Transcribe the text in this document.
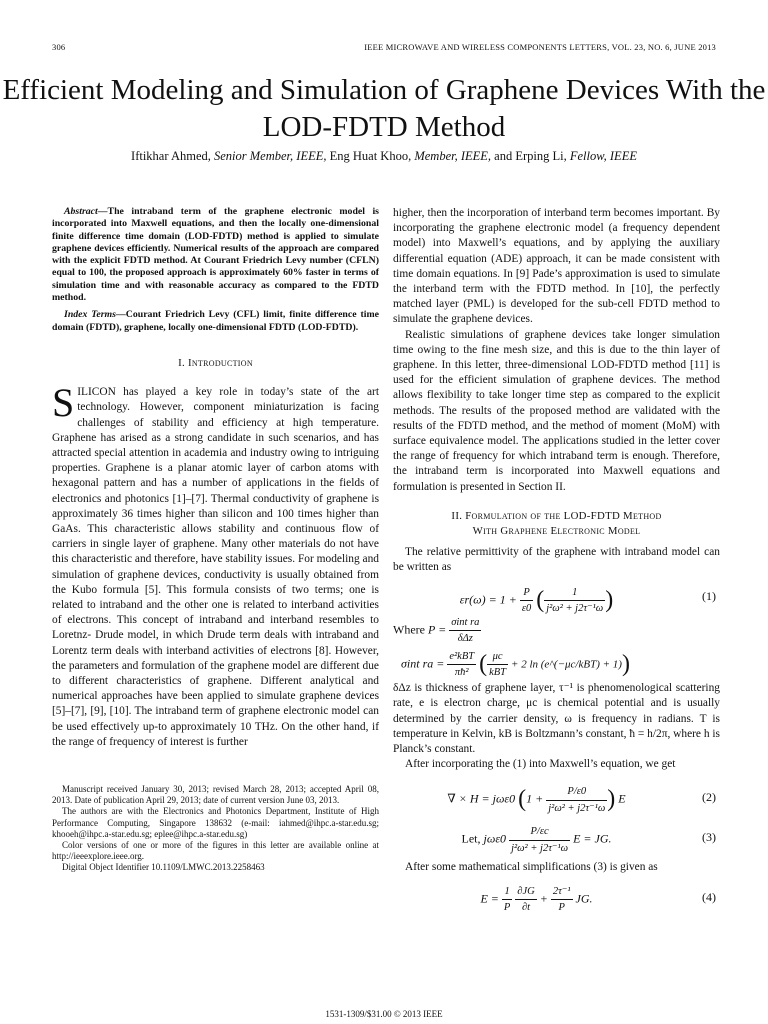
306	IEEE MICROWAVE AND WIRELESS COMPONENTS LETTERS, VOL. 23, NO. 6, JUNE 2013
Efficient Modeling and Simulation of Graphene Devices With the LOD-FDTD Method
Iftikhar Ahmed, Senior Member, IEEE, Eng Huat Khoo, Member, IEEE, and Erping Li, Fellow, IEEE

Abstract—The intraband term of the graphene electronic model is incorporated into Maxwell equations, and then the locally one-dimensional finite difference time domain (LOD-FDTD) method is applied to simulate graphene devices efficiently. Numerical results of the approach are compared with the explicit FDTD method. At Courant Friedrich Levy number (CFLN) equal to 100, the proposed approach is approximately 60% faster in terms of simulation time and with reasonable accuracy as compared to the FDTD method.

Index Terms—Courant Friedrich Levy (CFL) limit, finite difference time domain (FDTD), graphene, locally one-dimensional FDTD (LOD-FDTD).

I. Introduction

SILICON has played a key role in today’s state of the art technology. However, component miniaturization is facing challenges of stability and efficiency at high temperature. Graphene has arised as a strong candidate in such scenarios, and has attracted special attention in academia and industry owing to intriguing properties. Graphene is a planar atomic layer of carbon atoms with hexagonal pattern and has a number of applications in the fields of electronics and photonics [1]–[7]. Thermal conductivity of graphene is approximately 36 times higher than silicon and 100 times higher than GaAs. This characteristic allows stability and continuous flow of carriers in single layer of graphene. Many other materials do not have this characteristic and therefore, have stability issues. For modeling and simulation of graphene devices, conductivity is usually obtained from the Kubo formula [5]. This formula consists of two terms; one is related to intraband and the other one is related to interband activities of electrons. This concept of intraband and interband resembles to Loretnz- Drude model, in which Drude term deals with intraband and Lorentz term deals with interband activities of electrons [8]. However, the parameters and formulation of the graphene model are different due to different characteristics of graphene. Different analytical and numerical approaches have been applied to simulate graphene devices [5]–[7], [9], [10]. The intraband term of graphene electronic model can be used effectively up-to approximately 10 THz. On the other hand, if the range of frequency of interest is further

Manuscript received January 30, 2013; revised March 28, 2013; accepted April 08, 2013. Date of publication April 29, 2013; date of current version June 03, 2013.

The authors are with the Electronics and Photonics Department, Institute of High Performance Computing, Singapore 138632 (e-mail: iahmed@ihpc.a-star.edu.sg; khooeh@ihpc.a-star.edu.sg; eplee@ihpc.a-star.edu.sg)

Color versions of one or more of the figures in this letter are available online at http://ieeexplore.ieee.org.

Digital Object Identifier 10.1109/LMWC.2013.2258463

higher, then the incorporation of interband term becomes important. By incorporating the graphene electronic model (a frequency dependent model) into Maxwell’s equations, and by applying the auxiliary differential equation (ADE) approach, it can be made consistent with time domain equations. In [9] Pade’s approximation is used to simulate the interband term with the FDTD method. In [10], the perfectly matched layer (PML) is developed for the sub-cell FDTD method to simulate the graphene devices.

Realistic simulations of graphene devices take longer simulation time owing to the fine mesh size, and this is due to the thin layer of graphene. In this letter, three-dimensional LOD-FDTD method [11] is used for the efficient simulation of graphene devices. The method allows flexibility to take longer time step as compared to the explicit methods. The results of the proposed method are validated with the results of the FDTD method, and the method of moment (MoM) with surface equivalence model. The applications studied in the letter cover the range of frequency for which intraband term is enough. Therefore, the intraband term is incorporated into Maxwell equations and formulation is presented in Section II.

II. Formulation of the LOD-FDTD Method
With Graphene Electronic Model

The relative permittivity of the graphene with intraband model can be written as

$\varepsilon r(\omega) = 1 + \frac{P}{\varepsilon 0}$ ( $\frac{1}{\text{j²ω² + j2τ⁻¹ω}}$ )	(1)
Where $P = \frac{\text{σint ra}}{\text{δΔz}}$
σint ra = $\frac{\text{e²kBT}}{\text{πħ²}}$ ( $\frac{\mu c}{\text{kBT}} + 2$ ln (e^(−μc/kBT) + 1))

δΔz is thickness of graphene layer, τ⁻¹ is phenomenological scattering rate, e is electron charge, μc is chemical potential and is usually determined by the carrier density, ω is frequency in radians. T is temperature in Kelvin, kB is Boltzmann’s constant, ħ = h/2π, where h is Planck’s constant.

After incorporating the (1) into Maxwell’s equation, we get

∇ × H = jωε0 ($1 + \frac{P/\varepsilon 0}{\text{j²ω² + j2τ⁻¹ω}}$ ) E	(2)
Let, $j\omega\varepsilon 0 \frac{P/\varepsilon c}{\text{j²ω² + j2τ⁻¹ω}}$ E = JG.	(3)

After some mathematical simplifications (3) is given as

$E = \frac{1}{P}$
$\frac{\partial JG}{\partial t} + \frac{\text{2τ⁻¹}}{P}$ JG.	(4)
1531-1309/$31.00 © 2013 IEEE
